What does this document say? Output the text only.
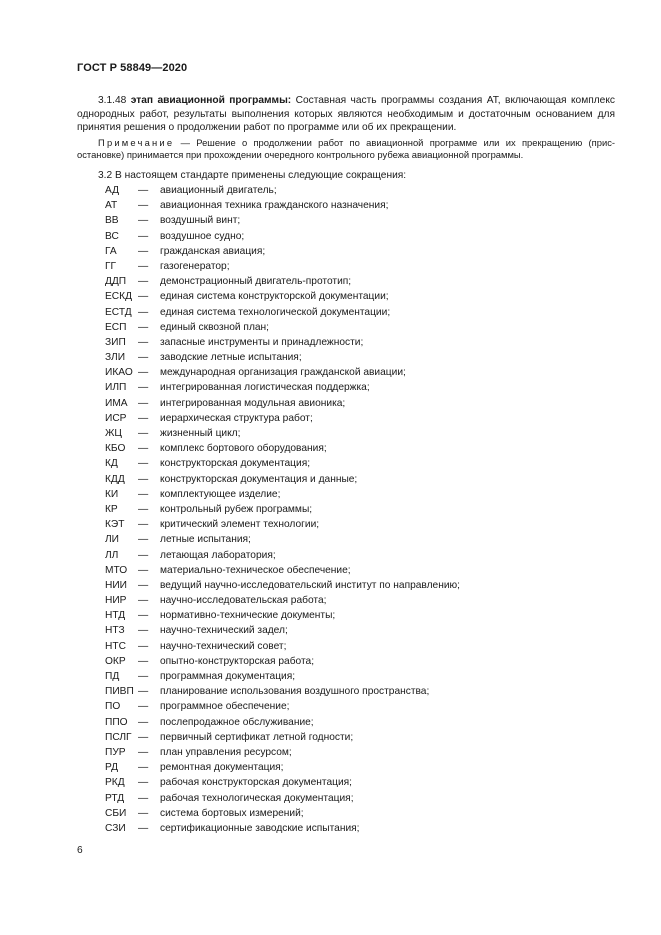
ГОСТ Р 58849—2020
3.1.48 этап авиационной программы: Составная часть программы создания АТ, включающая комплекс однородных работ, результаты выполнения которых являются необходимым и достаточным основанием для принятия решения о продолжении работ по программе или об их прекращении.
Примечание — Решение о продолжении работ по авиационной программе или их прекращению (прис-остановке) принимается при прохождении очередного контрольного рубежа авиационной программы.
3.2 В настоящем стандарте применены следующие сокращения:
АД — авиационный двигатель;
АТ — авиационная техника гражданского назначения;
ВВ — воздушный винт;
ВС — воздушное судно;
ГА — гражданская авиация;
ГГ — газогенератор;
ДДП — демонстрационный двигатель-прототип;
ЕСКД — единая система конструкторской документации;
ЕСТД — единая система технологической документации;
ЕСП — единый сквозной план;
ЗИП — запасные инструменты и принадлежности;
ЗЛИ — заводские летные испытания;
ИКАО — международная организация гражданской авиации;
ИЛП — интегрированная логистическая поддержка;
ИМА — интегрированная модульная авионика;
ИСР — иерархическая структура работ;
ЖЦ — жизненный цикл;
КБО — комплекс бортового оборудования;
КД — конструкторская документация;
КДД — конструкторская документация и данные;
КИ — комплектующее изделие;
КР — контрольный рубеж программы;
КЭТ — критический элемент технологии;
ЛИ — летные испытания;
ЛЛ — летающая лаборатория;
МТО — материально-техническое обеспечение;
НИИ — ведущий научно-исследовательский институт по направлению;
НИР — научно-исследовательская работа;
НТД — нормативно-технические документы;
НТЗ — научно-технический задел;
НТС — научно-технический совет;
ОКР — опытно-конструкторская работа;
ПД — программная документация;
ПИВП — планирование использования воздушного пространства;
ПО — программное обеспечение;
ППО — послепродажное обслуживание;
ПСЛГ — первичный сертификат летной годности;
ПУР — план управления ресурсом;
РД — ремонтная документация;
РКД — рабочая конструкторская документация;
РТД — рабочая технологическая документация;
СБИ — система бортовых измерений;
СЗИ — сертификационные заводские испытания;
6
